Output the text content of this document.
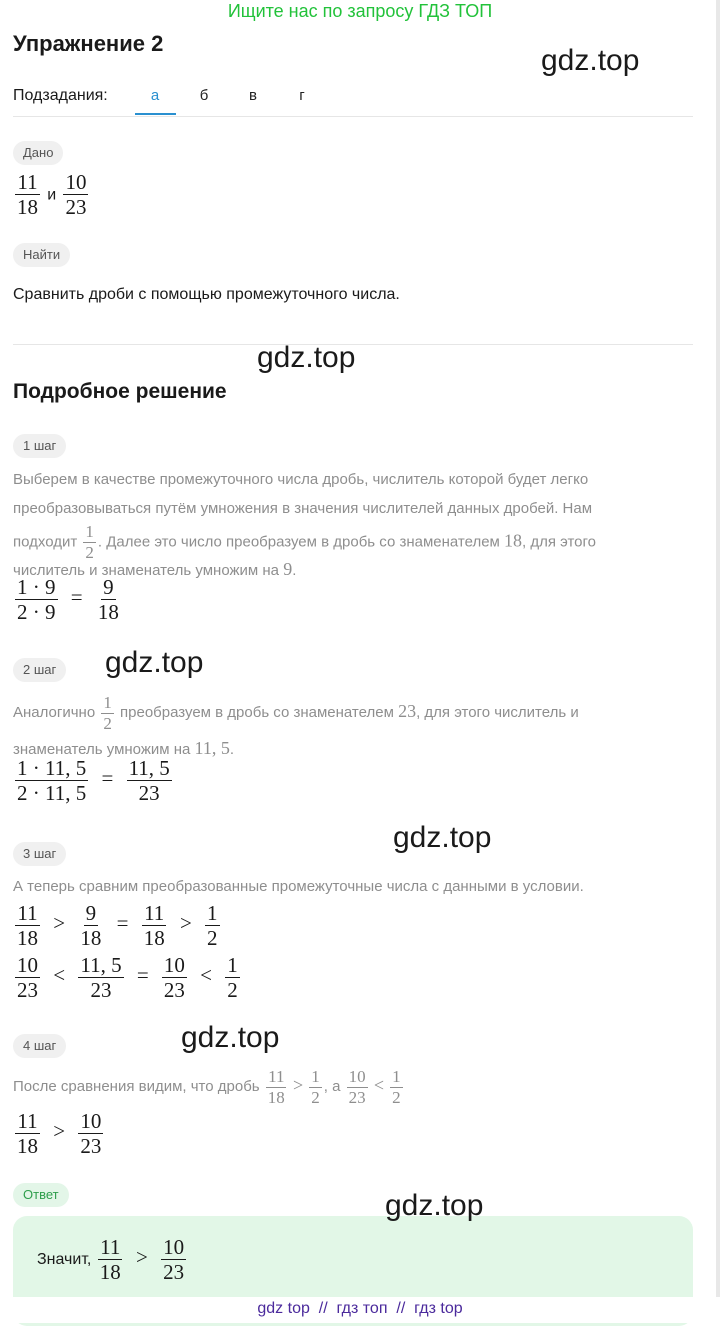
Ищите нас по запросу ГДЗ ТОП
Упражнение 2
gdz.top
Подзадания:	а	б	в	г
Дано
$\frac{11}{18}$ и $\frac{10}{23}$
Найти
Сравнить дроби с помощью промежуточного числа.
gdz.top
Подробное решение
1 шаг
Выберем в качестве промежуточного числа дробь, числитель которой будет легко
преобразовываться путём умножения в значения числителей данных дробей. Нам
подходит $\frac{1}{2}$ . Далее это число преобразуем в дробь со знаменателем 18, для этого
числитель и знаменатель умножим на 9.
$\frac{1 \cdot 9}{2 \cdot 9} = \frac{9}{18}$
2 шаг	gdz.top
Аналогично $\frac{1}{2}$ преобразуем в дробь со знаменателем 23, для этого числитель и
знаменатель умножим на 11, 5.
$\frac{1 \cdot 11, 5}{2 \cdot 11, 5} = \frac{11, 5}{23}$
gdz.top
3 шаг
А теперь сравним преобразованные промежуточные числа с данными в условии.
$\frac{11}{18} > \frac{9}{18} = \frac{11}{18} > \frac{1}{2}$
$\frac{10}{23} < \frac{11, 5}{23} = \frac{10}{23} < \frac{1}{2}$
4 шаг	gdz.top
После сравнения видим, что дробь $\frac{11}{18} > \frac{1}{2}$ , а $\frac{10}{23} < \frac{1}{2}$
$\frac{11}{18} > \frac{10}{23}$
Ответ	gdz.top
Значит, $\frac{11}{18} > \frac{10}{23}$
gdz top  //  гдз топ  //  гдз top
